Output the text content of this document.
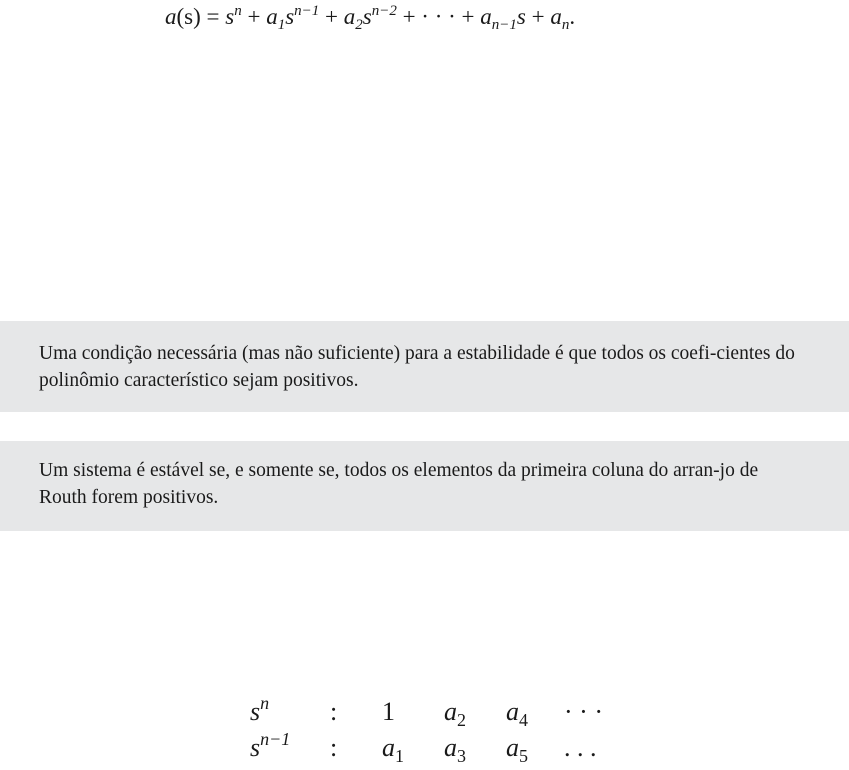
$a(s) = s^n + a_1s^{n-1} + a_2s^{n-2}$ + · · · + $a_{n-1}s + a_n$.

Uma condição necessária (mas não suficiente) para a estabilidade é que todos os coefi-cientes do polinômio característico sejam positivos.

Um sistema é estável se, e somente se, todos os elementos da primeira coluna do arran-jo de Routh forem positivos.

$s^n$	:	1	$a_2$	$a_4$	· · ·
$s^{n-1}$	:	$a_1$	$a_3$	$a_5$	. . .
